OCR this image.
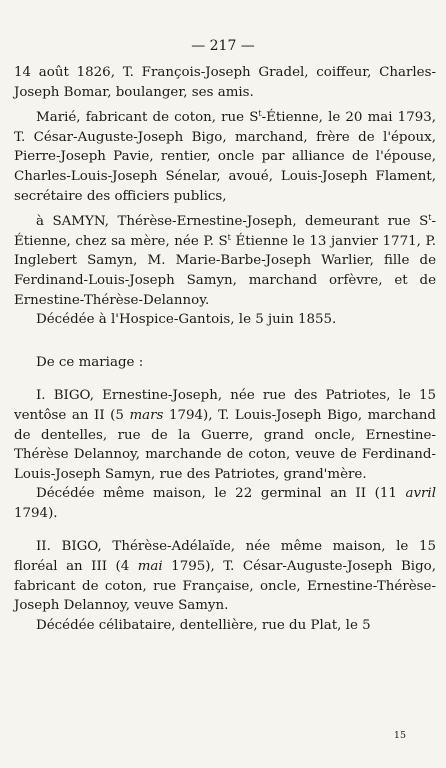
— 217 —

14 août 1826, T. François-Joseph Gradel, coiffeur, Charles-Joseph Bomar, boulanger, ses amis.

Marié, fabricant de coton, rue $S^t$-Étienne, le 20 mai 1793, T. César-Auguste-Joseph Bigo, marchand, frère de l'époux, Pierre-Joseph Pavie, rentier, oncle par alliance de l'épouse, Charles-Louis-Joseph Sénelar, avoué, Louis-Joseph Flament, secrétaire des officiers publics,

à SAMYN, Thérèse-Ernestine-Joseph, demeurant rue $S^t$-Étienne, chez sa mère, née P. $S^t$ Étienne le 13 janvier 1771, P. Inglebert Samyn, M. Marie-Barbe-Joseph Warlier, fille de Ferdinand-Louis-Joseph Samyn, marchand orfèvre, et de Ernestine-Thérèse-Delannoy.

Décédée à l'Hospice-Gantois, le 5 juin 1855.

De ce mariage :

I. BIGO, Ernestine-Joseph, née rue des Patriotes, le 15 ventôse an II (5 mars 1794), T. Louis-Joseph Bigo, marchand de dentelles, rue de la Guerre, grand oncle, Ernestine-Thérèse Delannoy, marchande de coton, veuve de Ferdinand-Louis-Joseph Samyn, rue des Patriotes, grand'mère.

Décédée même maison, le 22 germinal an II (11 avril 1794).

II. BIGO, Thérèse-Adélaïde, née même maison, le 15 floréal an III (4 mai 1795), T. César-Auguste-Joseph Bigo, fabricant de coton, rue Française, oncle, Ernestine-Thérèse-Joseph Delannoy, veuve Samyn.

Décédée célibataire, dentellière, rue du Plat, le 5

15
